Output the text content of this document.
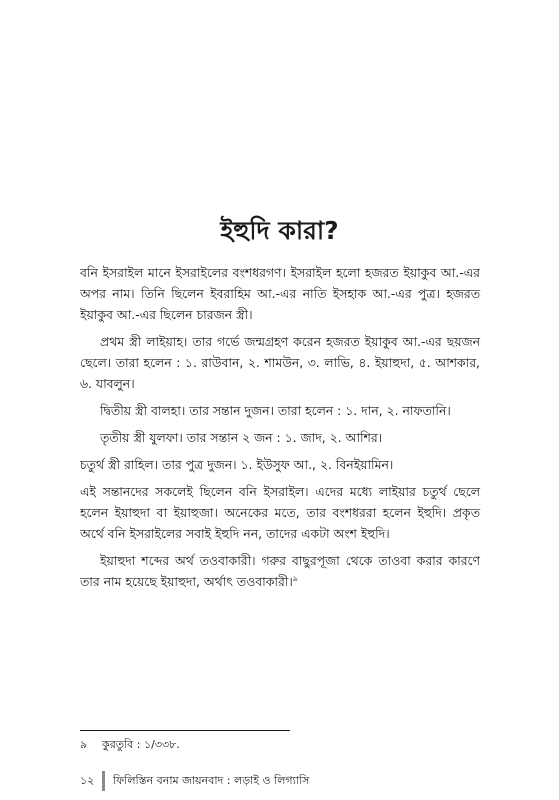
ইহুদি কারা?

বনি ইসরাইল মানে ইসরাইলের বংশধরগণ। ইসরাইল হলো হজরত ইয়াকুব আ.-এর অপর নাম। তিনি ছিলেন ইবরাহিম আ.-এর নাতি ইসহাক আ.-এর পুত্র। হজরত ইয়াকুব আ.-এর ছিলেন চারজন স্ত্রী।

প্রথম স্ত্রী লাইয়াহ। তার গর্ভে জন্মগ্রহণ করেন হজরত ইয়াকুব আ.-এর ছয়জন ছেলে। তারা হলেন : ১. রাউবান, ২. শামউন, ৩. লাভি, ৪. ইয়াহুদা, ৫. আশকার, ৬. যাবলুন।

দ্বিতীয় স্ত্রী বালহা। তার সন্তান দুজন। তারা হলেন : ১. দান, ২. নাফতানি।

তৃতীয় স্ত্রী যুলফা। তার সন্তান ২ জন : ১. জাদ, ২. আশির।

চতুর্থ স্ত্রী রাহিল। তার পুত্র দুজন। ১. ইউসুফ আ., ২. বিনইয়ামিন।

এই সন্তানদের সকলেই ছিলেন বনি ইসরাইল। এদের মধ্যে লাইয়ার চতুর্থ ছেলে হলেন ইয়াহুদা বা ইয়াহুজা। অনেকের মতে, তার বংশধররা হলেন ইহুদি। প্রকৃত অর্থে বনি ইসরাইলের সবাই ইহুদি নন, তাদের একটা অংশ ইহুদি।

ইয়াহুদা শব্দের অর্থ তওবাকারী। গরুর বাছুরপূজা থেকে তাওবা করার কারণে তার নাম হয়েছে ইয়াহুদা, অর্থাৎ তওবাকারী।$^৯$

৯ কুরতুবি : ১/৩৩৮.
১২	ফিলিস্তিন বনাম জায়নবাদ : লড়াই ও লিগ্যাসি
